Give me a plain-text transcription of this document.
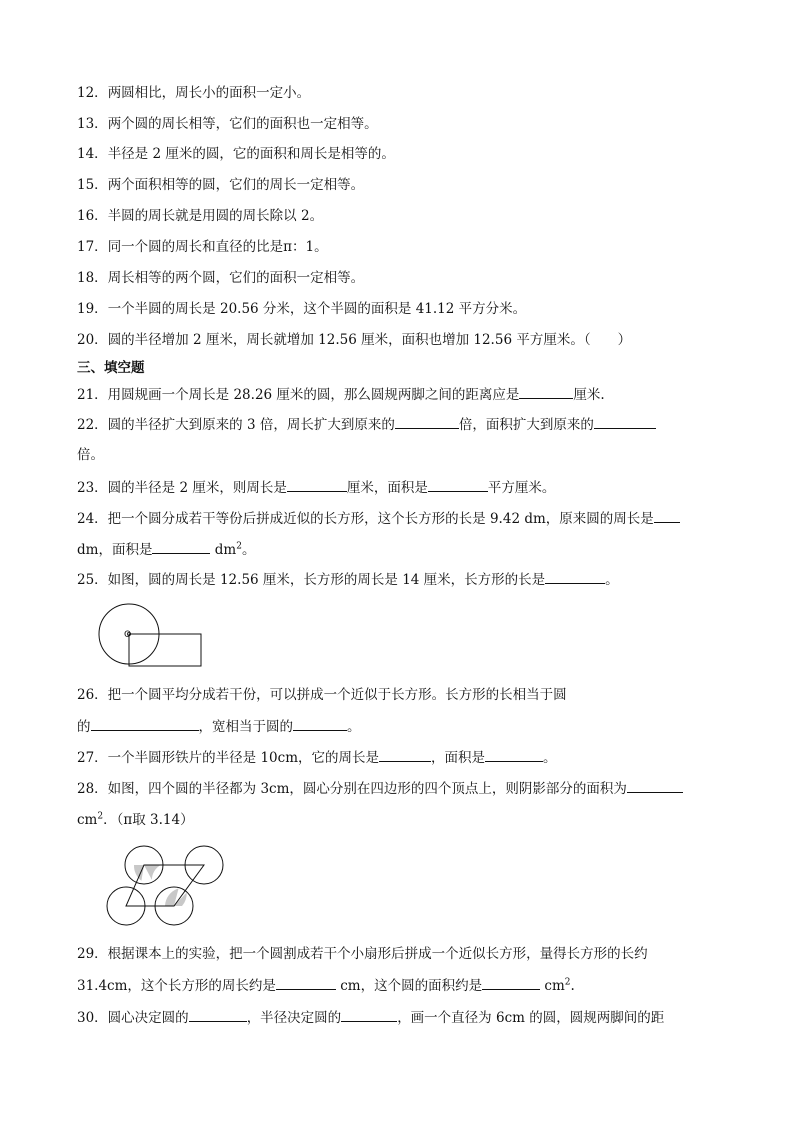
12．两圆相比，周长小的面积一定小。
13．两个圆的周长相等，它们的面积也一定相等。
14．半径是 2 厘米的圆，它的面积和周长是相等的。
15．两个面积相等的圆，它们的周长一定相等。
16．半圆的周长就是用圆的周长除以 2。
17．同一个圆的周长和直径的比是π：1。
18．周长相等的两个圆，它们的面积一定相等。
19．一个半圆的周长是 20.56 分米，这个半圆的面积是 41.12 平方分米。
20．圆的半径增加 2 厘米，周长就增加 12.56 厘米，面积也增加 12.56 平方厘米。（　　）
三、填空题
21．用圆规画一个周长是 28.26 厘米的圆，那么圆规两脚之间的距离应是	厘米.
22．圆的半径扩大到原来的 3 倍，周长扩大到原来的	倍，面积扩大到原来的
倍。
23．圆的半径是 2 厘米，则周长是	厘米，面积是	平方厘米。
24．把一个圆分成若干等份后拼成近似的长方形，这个长方形的长是 9.42 dm，原来圆的周长是
dm，面积是	$dm^2$。
25．如图，圆的周长是 12.56 厘米，长方形的周长是 14 厘米，长方形的长是	。
O
26．把一个圆平均分成若干份，可以拼成一个近似于长方形。长方形的长相当于圆
的	，宽相当于圆的	。
27．一个半圆形铁片的半径是 10cm，它的周长是	，面积是	。
28．如图，四个圆的半径都为 3cm，圆心分别在四边形的四个顶点上，则阴影部分的面积为
$cm^2$．（π取 3.14）
29．根据课本上的实验，把一个圆割成若干个小扇形后拼成一个近似长方形，量得长方形的长约
31.4cm，这个长方形的周长约是	cm，这个圆的面积约是	$cm^2$.
30．圆心决定圆的	，半径决定圆的	，画一个直径为 6cm 的圆，圆规两脚间的距
